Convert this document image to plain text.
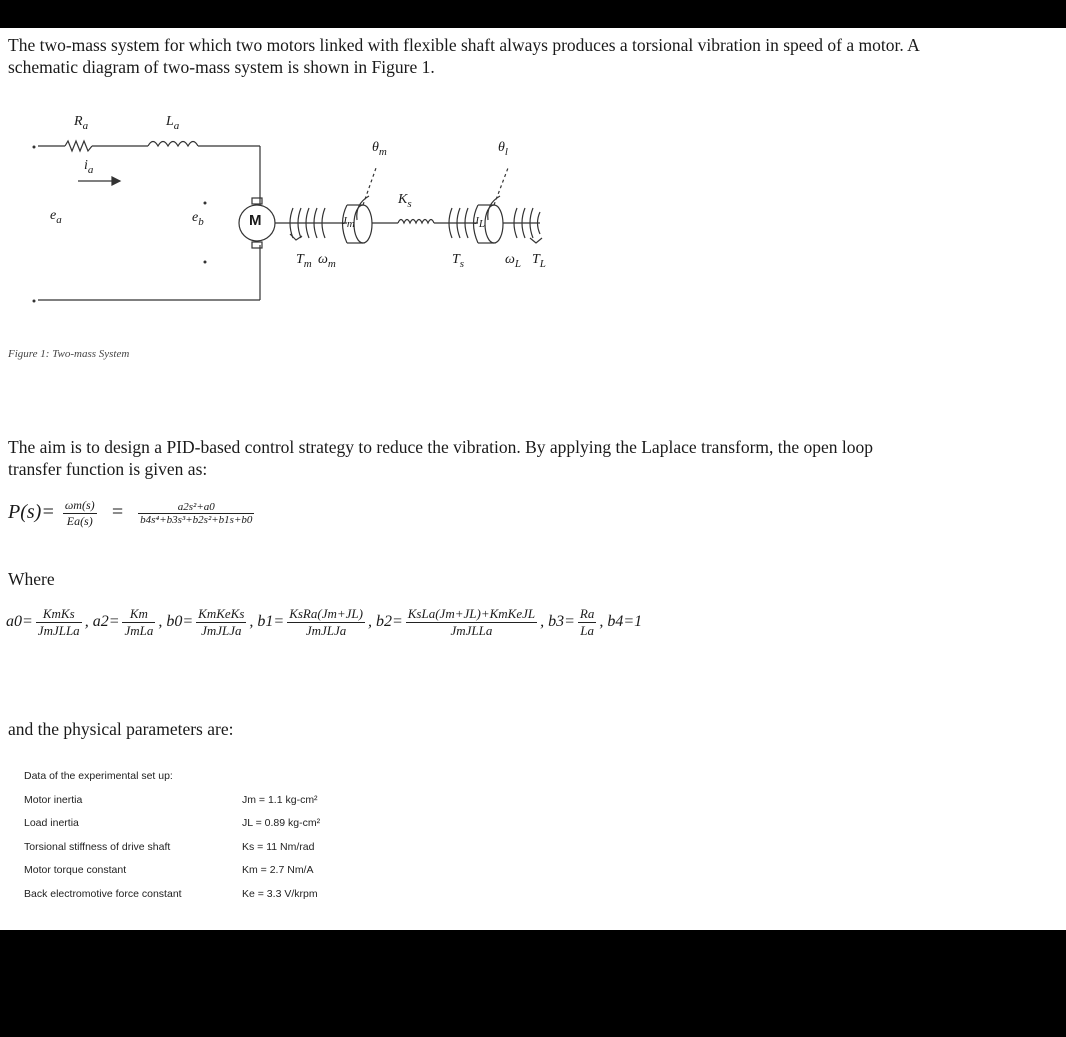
The two-mass system for which two motors linked with flexible shaft always produces a torsional vibration in speed of a motor. A

schematic diagram of two-mass system is shown in Figure 1.

$R_a$	$L_a$
$i_a$
$e_a$	$e_b$	M
$\theta_m$	$\theta_l$
$J_m$	$J_L$
$K_s$
$T_m$ $\omega_m$	$T_s$	$\omega_L$ $T_L$
Figure 1: Two-mass System

The aim is to design a PID-based control strategy to reduce the vibration. By applying the Laplace transform, the open loop

transfer function is given as:

$P(s)= \frac{\omega m(s)}{Ea(s)} = \frac{\text{a2s²+a0}}{\text{b4s⁴+b3s³+b2s²+b1s+b0}}$

Where

$a0= \frac{\text{KmKs}}{\text{JmJLLa}}$ , $a2= \frac{Km}{\text{JmLa}}$ , $b0= \frac{\text{KmKeKs}}{\text{JmJLJa}}$ , $b1= \frac{\text{KsRa(Jm+JL)}}{\text{JmJLJa}}$ , $b2= \frac{\text{KsLa(Jm+JL)+KmKeJL}}{\text{JmJLLa}}$ , $b3= \frac{Ra}{La}$ , b4=1

and the physical parameters are:

Data of the experimental set up:
Motor inertia	Jm = 1.1 kg-cm²
Load inertia	JL = 0.89 kg-cm²
Torsional stiffness of drive shaft	Ks = 11 Nm/rad
Motor torque constant	Km = 2.7 Nm/A
Back electromotive force constant	Ke = 3.3 V/krpm
